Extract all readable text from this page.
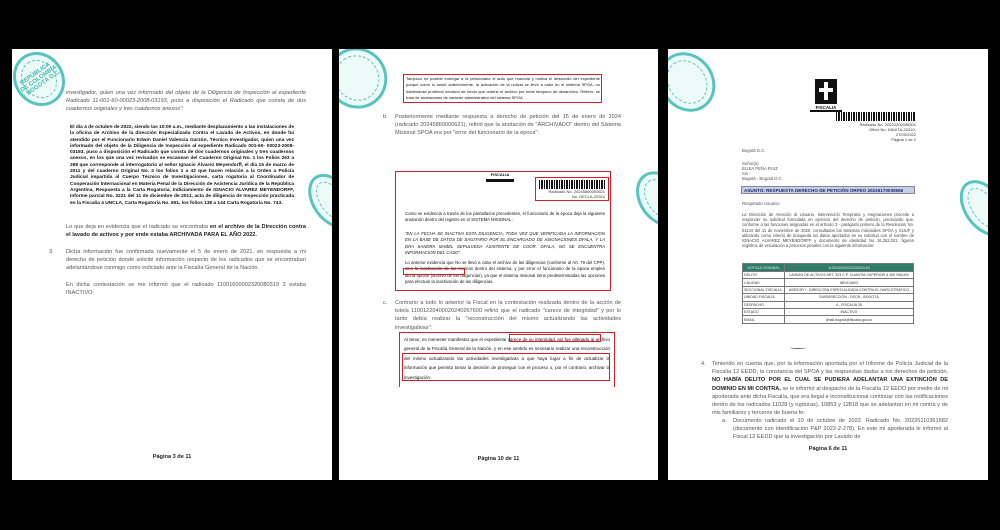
REPÚBLICA DE COLOMBIA · BOGOTÁ D.C. investigador, quien una vez informado del objeto de la Diligencia de Inspección al expediente Radicado 11-001-60-00023-2008-03193, puso a disposición el Radicado que consta de dos cuadernos originales y tres cuadernos anexos":
El día 4 de octubre de 2022, siendo las 10:00 a.m., mediante desplazamiento a las instalaciones de la oficina de Archivo de la dirección Especializada Contra el Lavado de Activos, en donde fui atendido por el Funcionario Edwin Daniel Valencia Garzón, Técnico Investigador, quien una vez informado del objeto de la Diligencia de Inspección al expediente Radicado 001-60- 00023-2008-03193, puso a disposición el Radicado que consta de dos cuadernos originales y tres cuadernos anexos, en los que una vez revisados se escanean del Cuaderno Original No. 1 los Folios 263 a 268 que corresponde al interrogatorio al señor Ignacio Álvarez Meyendorff, el día 15 de marzo de 2011 y del cuaderno Original No. 2 los folios 1 a 43 que hacen relación a la Orden a Policía Judicial impartida al Cuerpo Técnico de Investigaciones, carta rogatoria al Coordinador de Cooperación Internacional en Materia Penal de la Dirección de Asistencia Jurídica de la República Argentina, Respuesta a la Carta Rogatoria, Indiciamiento de IGNACIO ALVAREZ MEYENDORFF, Informe parcial No. 3221 del 11 de diciembre de 2011, acta de diligencia de Inspección practicada en la Fiscalía 4 UNCLA, Carta Rogatoria No. 851, los folios 138 a 144 Carta Rogatoria No. 743.
Lo que deja en evidencia que el radicado se encontraba en el archivo de la Dirección contra el lavado de activos y por ende estaba ARCHIVADA PARA EL AÑO 2022.
3. Dicha información fue confirmada nuevamente el 5 de enero de 2021, en respuesta a mi derecho de petición donde solicité información respecto de los radicados que se encontraban adelantándose conmigo como indiciado ante la Fiscalía General de la Nación.
En dicha contestación se me informó que el radicado 11001600002320080319 3 estaba INACTIVO:
Página 3 de 11
Tampoco es posible entregar a la peticionaria el auto que reanuda y motiva el desarrollo del expediente porque como lo anoté anteriormente, la activación de la noticia se llevó a cabo en el sistema SPOA, no habiéndose proferido decisión de fondo que ordene el archivo por ende tampoco de desarchivo. Reitero, se trata de anotaciones de carácter administrativo del sistema SPOA.
b. Posteriormente mediante respuesta a derecho de petición del 15 de enero de 2024 (radicado 20245860000621), refirió que la anotación de "ARCHIVADO" dentro del Sistema Misional SPOA era por "error del funcionario de la época":
FISCALIA
Radicado No. 20245860000621
No. DECLA-20310
Como se evidencia a través de los pantallazos precedentes, el funcionario de la época deja la siguiente anotación dentro del registro en el SISTEMA MISIONAL:
"EN LA FECHA SE INACTIVA ESTA DILIGENCIA, TODA VEZ QUE VERIFICADA LA INFORMACION EN LA BASE DE DATOS DE SAGITARIO POR EL ENCARGADO DE ASIGNACIONES DFALA, Y LA DRA SANDRA MABEL SEPULVEDA ASISTENTE DE COOR. DFALA, NO SE ENCUENTRA INFORMACION DEL CASO".
Lo anterior evidencia que No se llevó a cabo el archivo de las diligencias (conforme al Art. 79 del CPP), sino la inactivación de las mismas dentro del sistema, y por error el funcionario de la época empleó dicha opción (archivo de las diligencias), ya que el sistema misional tiene predeterminadas las opciones para efectuar la inactivación de las diligencias.
c. Contrario a todo lo anterior la Fiscal en la contestación realizada dentro de la acción de tutela 11001220400020240267600 refirió que el radicado "carece de integridad" y por lo tanto debía realizar la "reconstrucción del mismo actualizando las actividades investigativas":
Al tenor, es menester manifestar que el expediente carece de su integridad, así fue allegado al archivo general de la Fiscalía General de la Nación, y en ese sentido es necesario realizar una reconstrucción del mismo actualizando las actividades investigativas a que haya lugar a fin de actualizar la información que permita tomar la decisión de proseguir con el proceso o, por el contrario, archivar la investigación.
Página 10 de 11
FISCALIA
Radicado No. 20222200096501
Oficio No. DAUITA-20310-
27/09/2022
Página 1 de 2
Bogotá D.C.
Señor(a)
ELISA PEÑA RUIZ
Sin -
Bogotá - Bogotá D.C.
ASUNTO: RESPUESTA DERECHO DE PETICIÓN ORFEO 20226170030656
Respetado Usuario:
La Dirección de Atención al Usuario, Intervención Temprana y Asignaciones procede a responder su solicitud formulada en ejercicio del derecho de petición, precisando que, conforme a las funciones asignadas en el artículo 3 - parágrafo primero de la Resolución No. 01134 del 11 de noviembre de 2020, consultados los sistemas misionales SPOA y SIJUF y utilizando como criterio de búsqueda los datos aportados en su solicitud con el nombre de IGNACIO ALVAREZ MEYENDORFF y documento de identidad No 16.262.021, figuran registros de vinculación a procesos penales con la siguiente información:
NOTICIA CRIMINAL	110016000023200803193
DELITO	LAVADO DE ACTIVOS ART. 323 C.P. CUANTÍA SUPERIOR A 100 SMLMV
CALIDAD	INDICIADO
SECCIONAL FISCALÍA	ASESOR I - DIRECCIÓN ESPECIALIZADA CONTRA EL NARCOTRÁFICO
UNIDAD FISCALÍA	SUBDIRECCIÓN - DECN - BOGOTÁ
DESPACHO	4 - FISCALÍA 35
ESTADO	INACTIVO
EMAIL	llmail.bogota@fiscalia.gov.co
4. Teniendo en cuenta que, por la información aportada por el Informe de Policía Judicial de la Fiscalía 12 EEDD, la constancia del SPOA y las respuestas dadas a los derechos de petición, NO HABÍA DELITO POR EL CUAL SE PUDIERA ADELANTAR UNA EXTINCIÓN DE DOMINIO EN MI CONTRA, se le informó al despacho de la Fiscalía 12 EEDD por medio de mi apoderada ante dicha Fiscalía, que era ilegal e inconstitucional continuar con las notificaciones dentro de los radicados 11028 (y rupturas), 10853 y 12818 que se adelantan en mi contra y de mis familiares y terceros de buena fe:
a. Documento radicado el 10 de octubre de 2022. Radicado No. 20226110361682 (documento con identificación P&P 2022-2-278). En este mi apoderada le informó al Fiscal 12 EEDD que la investigación por Lavado de
Página 6 de 11
